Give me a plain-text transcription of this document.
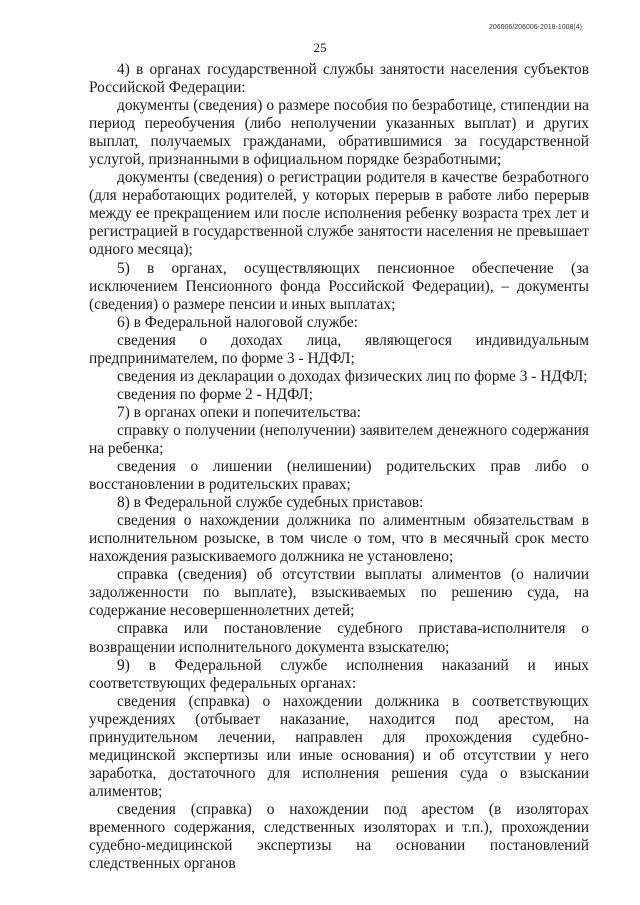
206006/206006-2018-1008(4)
25

4) в органах государственной службы занятости населения субъектов Российской Федерации:

документы (сведения) о размере пособия по безработице, стипендии на период переобучения (либо неполучении указанных выплат) и других выплат, получаемых гражданами, обратившимися за государственной услугой, признанными в официальном порядке безработными;

документы (сведения) о регистрации родителя в качестве безработного (для неработающих родителей, у которых перерыв в работе либо перерыв между ее прекращением или после исполнения ребенку возраста трех лет и регистрацией в государственной службе занятости населения не превышает одного месяца);

5) в органах, осуществляющих пенсионное обеспечение (за исключением Пенсионного фонда Российской Федерации), – документы (сведения) о размере пенсии и иных выплатах;

6) в Федеральной налоговой службе:

сведения о доходах лица, являющегося индивидуальным предпринимателем, по форме 3 - НДФЛ;

сведения из декларации о доходах физических лиц по форме 3 - НДФЛ;

сведения по форме 2 - НДФЛ;

7) в органах опеки и попечительства:

справку о получении (неполучении) заявителем денежного содержания на ребенка;

сведения о лишении (нелишении) родительских прав либо о восстановлении в родительских правах;

8) в Федеральной службе судебных приставов:

сведения о нахождении должника по алиментным обязательствам в исполнительном розыске, в том числе о том, что в месячный срок место нахождения разыскиваемого должника не установлено;

справка (сведения) об отсутствии выплаты алиментов (о наличии задолженности по выплате), взыскиваемых по решению суда, на содержание несовершеннолетних детей;

справка или постановление судебного пристава-исполнителя о возвращении исполнительного документа взыскателю;

9) в Федеральной службе исполнения наказаний и иных соответствующих федеральных органах:

сведения (справка) о нахождении должника в соответствующих учреждениях (отбывает наказание, находится под арестом, на принудительном лечении, направлен для прохождения судебно-медицинской экспертизы или иные основания) и об отсутствии у него заработка, достаточного для исполнения решения суда о взыскании алиментов;

сведения (справка) о нахождении под арестом (в изоляторах временного содержания, следственных изоляторах и т.п.), прохождении судебно-медицинской экспертизы на основании постановлений следственных органов
